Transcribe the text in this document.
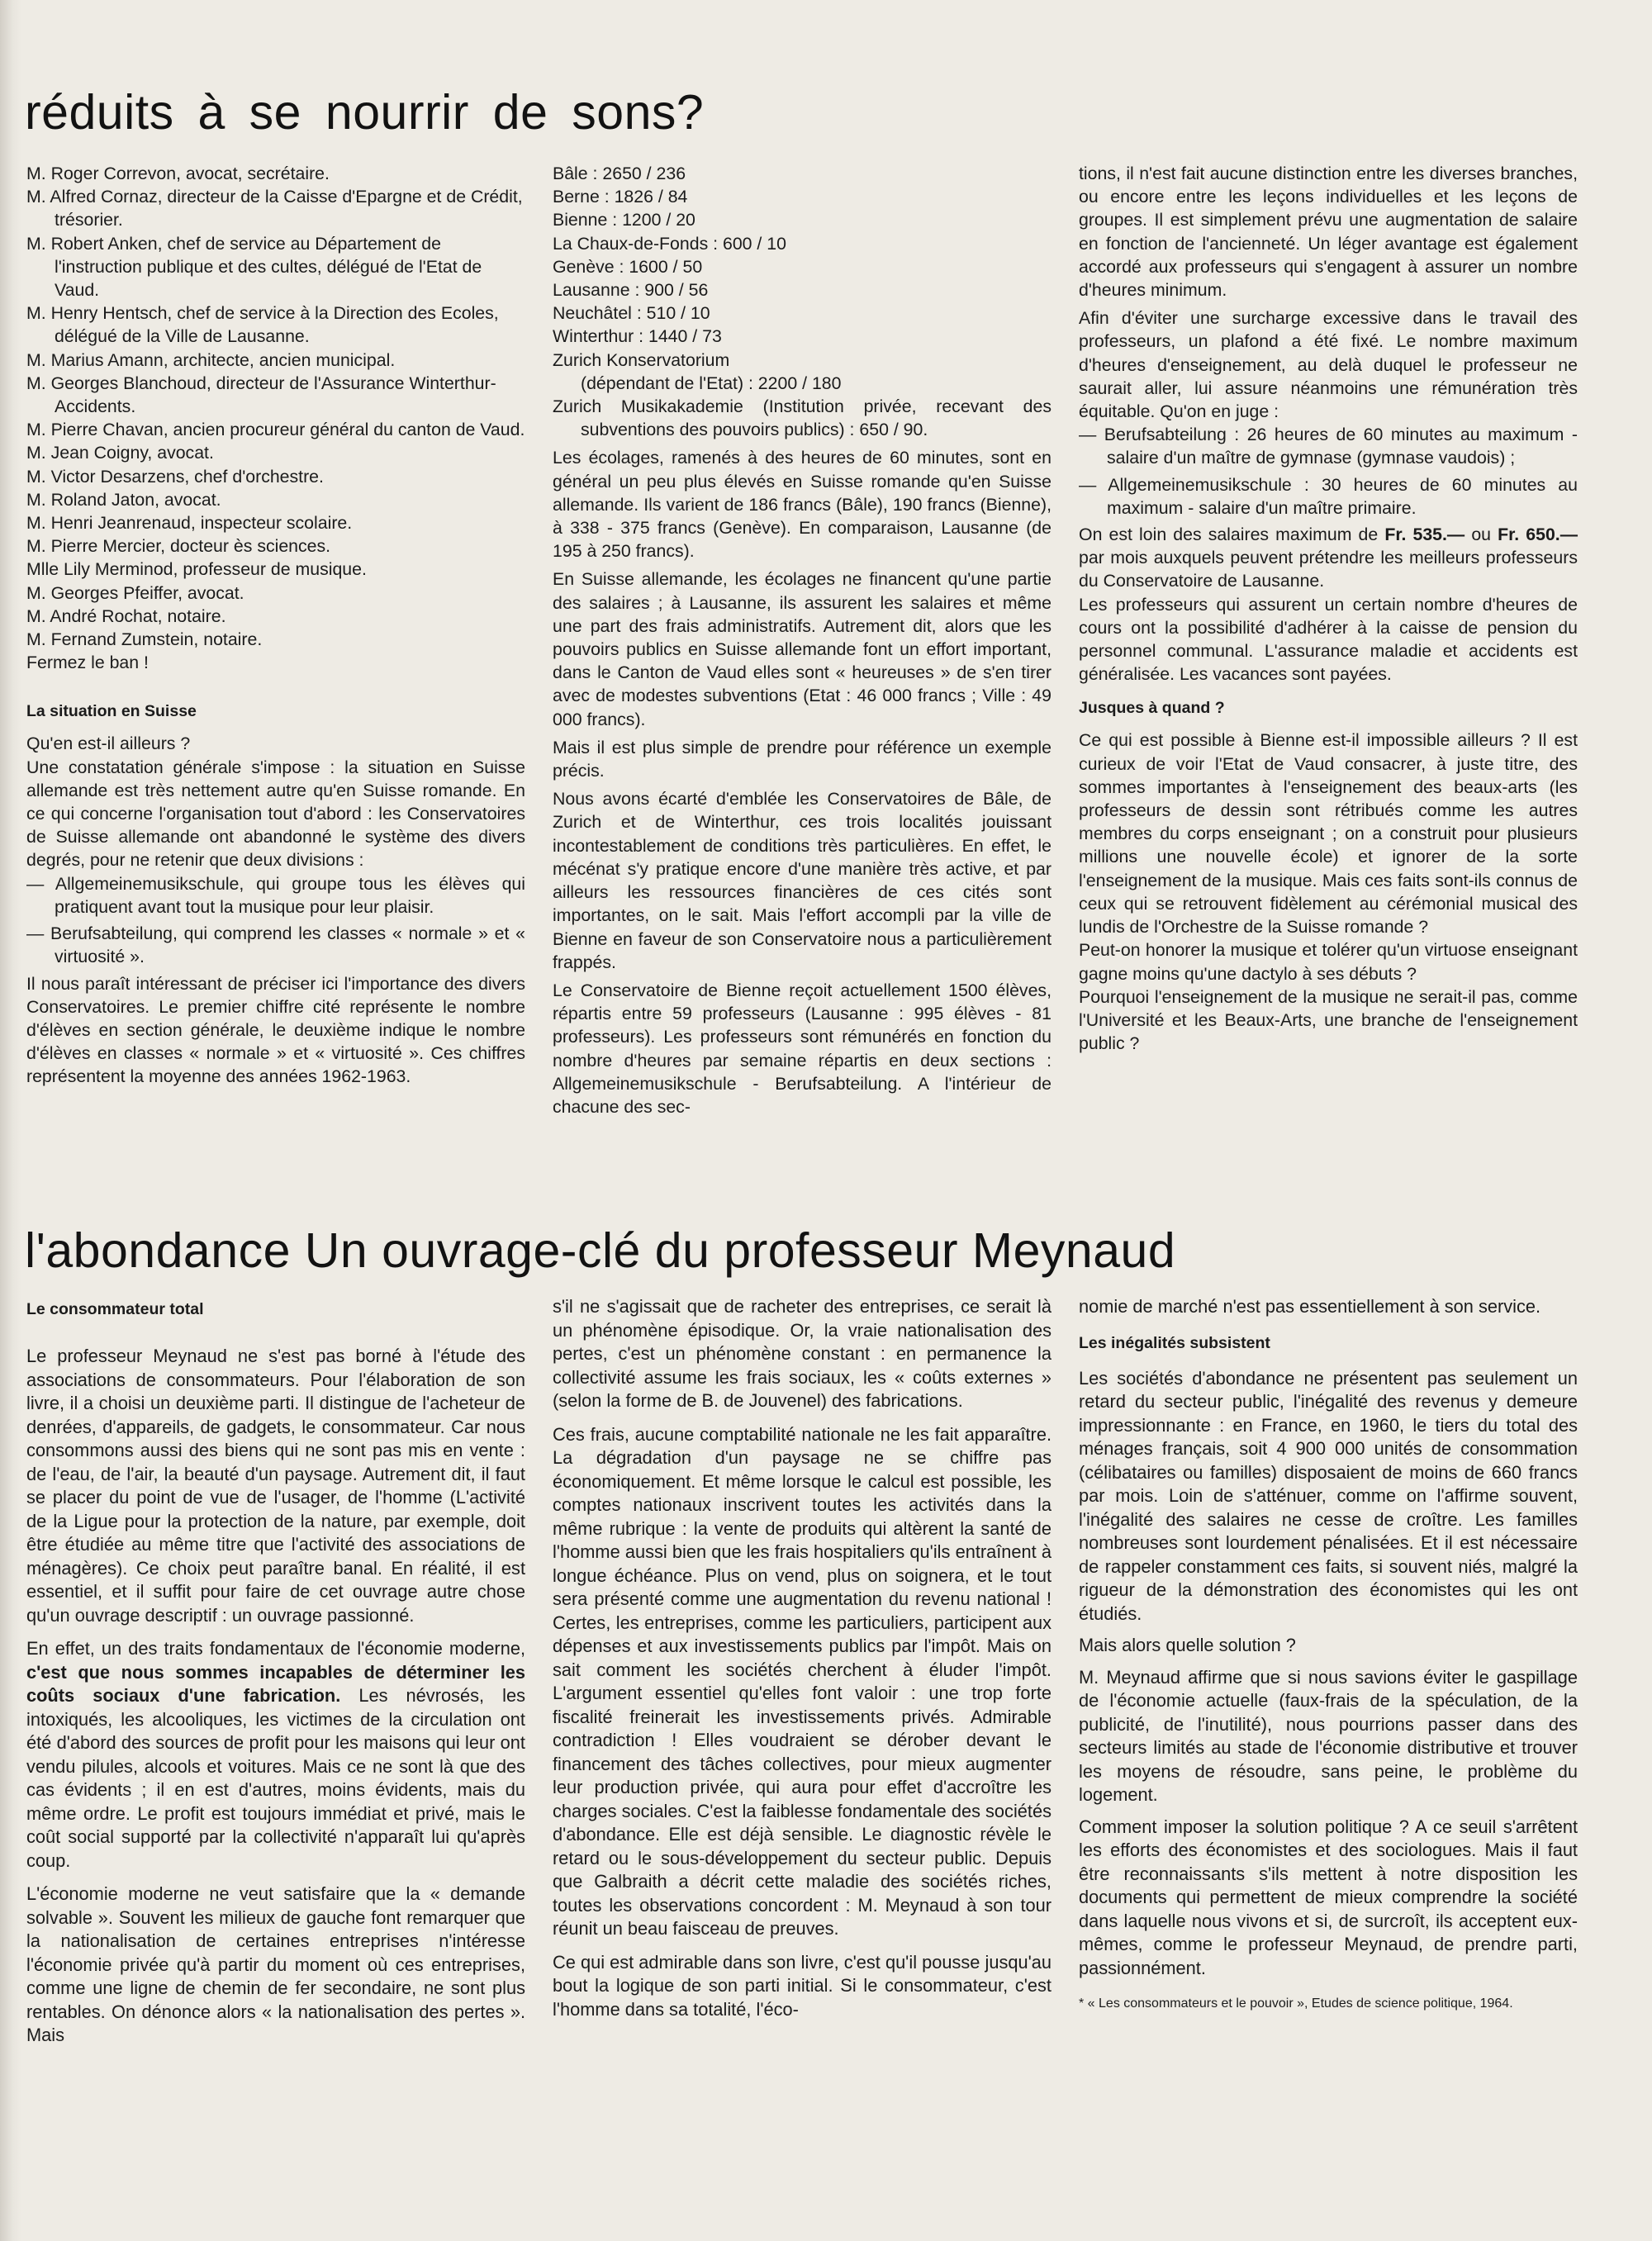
réduits à se nourrir de sons?

M. Roger Correvon, avocat, secrétaire.

M. Alfred Cornaz, directeur de la Caisse d'Epargne et de Crédit, trésorier.

M. Robert Anken, chef de service au Département de l'instruction publique et des cultes, délégué de l'Etat de Vaud.

M. Henry Hentsch, chef de service à la Direction des Ecoles, délégué de la Ville de Lausanne.

M. Marius Amann, architecte, ancien municipal.

M. Georges Blanchoud, directeur de l'Assurance Winterthur-Accidents.

M. Pierre Chavan, ancien procureur général du canton de Vaud.

M. Jean Coigny, avocat.

M. Victor Desarzens, chef d'orchestre.

M. Roland Jaton, avocat.

M. Henri Jeanrenaud, inspecteur scolaire.

M. Pierre Mercier, docteur ès sciences.

Mlle Lily Merminod, professeur de musique.

M. Georges Pfeiffer, avocat.

M. André Rochat, notaire.

M. Fernand Zumstein, notaire.

Fermez le ban !

La situation en Suisse

Qu'en est-il ailleurs ?

Une constatation générale s'impose : la situation en Suisse allemande est très nettement autre qu'en Suisse romande. En ce qui concerne l'organisation tout d'abord : les Conservatoires de Suisse allemande ont abandonné le système des divers degrés, pour ne retenir que deux divisions :

— Allgemeinemusikschule, qui groupe tous les élèves qui pratiquent avant tout la musique pour leur plaisir.

— Berufsabteilung, qui comprend les classes « normale » et « virtuosité ».

Il nous paraît intéressant de préciser ici l'importance des divers Conservatoires. Le premier chiffre cité représente le nombre d'élèves en section générale, le deuxième indique le nombre d'élèves en classes « normale » et « virtuosité ». Ces chiffres représentent la moyenne des années 1962-1963.

Bâle : 2650 / 236

Berne : 1826 / 84

Bienne : 1200 / 20

La Chaux-de-Fonds : 600 / 10

Genève : 1600 / 50

Lausanne : 900 / 56

Neuchâtel : 510 / 10

Winterthur : 1440 / 73

Zurich Konservatorium

(dépendant de l'Etat) : 2200 / 180

Zurich Musikakademie (Institution privée, recevant des subventions des pouvoirs publics) : 650 / 90.

Les écolages, ramenés à des heures de 60 minutes, sont en général un peu plus élevés en Suisse romande qu'en Suisse allemande. Ils varient de 186 francs (Bâle), 190 francs (Bienne), à 338 - 375 francs (Genève). En comparaison, Lausanne (de 195 à 250 francs).

En Suisse allemande, les écolages ne financent qu'une partie des salaires ; à Lausanne, ils assurent les salaires et même une part des frais administratifs. Autrement dit, alors que les pouvoirs publics en Suisse allemande font un effort important, dans le Canton de Vaud elles sont « heureuses » de s'en tirer avec de modestes subventions (Etat : 46 000 francs ; Ville : 49 000 francs).

Mais il est plus simple de prendre pour référence un exemple précis.

Nous avons écarté d'emblée les Conservatoires de Bâle, de Zurich et de Winterthur, ces trois localités jouissant incontestablement de conditions très particulières. En effet, le mécénat s'y pratique encore d'une manière très active, et par ailleurs les ressources financières de ces cités sont importantes, on le sait. Mais l'effort accompli par la ville de Bienne en faveur de son Conservatoire nous a particulièrement frappés.

Le Conservatoire de Bienne reçoit actuellement 1500 élèves, répartis entre 59 professeurs (Lausanne : 995 élèves - 81 professeurs). Les professeurs sont rémunérés en fonction du nombre d'heures par semaine répartis en deux sections : Allgemeinemusikschule - Berufsabteilung. A l'intérieur de chacune des sec-

tions, il n'est fait aucune distinction entre les diverses branches, ou encore entre les leçons individuelles et les leçons de groupes. Il est simplement prévu une augmentation de salaire en fonction de l'ancienneté. Un léger avantage est également accordé aux professeurs qui s'engagent à assurer un nombre d'heures minimum.

Afin d'éviter une surcharge excessive dans le travail des professeurs, un plafond a été fixé. Le nombre maximum d'heures d'enseignement, au delà duquel le professeur ne saurait aller, lui assure néanmoins une rémunération très équitable. Qu'on en juge :

— Berufsabteilung : 26 heures de 60 minutes au maximum - salaire d'un maître de gymnase (gymnase vaudois) ;

— Allgemeinemusikschule : 30 heures de 60 minutes au maximum - salaire d'un maître primaire.

On est loin des salaires maximum de Fr. 535.— ou Fr. 650.— par mois auxquels peuvent prétendre les meilleurs professeurs du Conservatoire de Lausanne.

Les professeurs qui assurent un certain nombre d'heures de cours ont la possibilité d'adhérer à la caisse de pension du personnel communal. L'assurance maladie et accidents est généralisée. Les vacances sont payées.

Jusques à quand ?

Ce qui est possible à Bienne est-il impossible ailleurs ? Il est curieux de voir l'Etat de Vaud consacrer, à juste titre, des sommes importantes à l'enseignement des beaux-arts (les professeurs de dessin sont rétribués comme les autres membres du corps enseignant ; on a construit pour plusieurs millions une nouvelle école) et ignorer de la sorte l'enseignement de la musique. Mais ces faits sont-ils connus de ceux qui se retrouvent fidèlement au cérémonial musical des lundis de l'Orchestre de la Suisse romande ?

Peut-on honorer la musique et tolérer qu'un virtuose enseignant gagne moins qu'une dactylo à ses débuts ?

Pourquoi l'enseignement de la musique ne serait-il pas, comme l'Université et les Beaux-Arts, une branche de l'enseignement public ?

l'abondance Un ouvrage-clé du professeur Meynaud
Le consommateur total

Le professeur Meynaud ne s'est pas borné à l'étude des associations de consommateurs. Pour l'élaboration de son livre, il a choisi un deuxième parti. Il distingue de l'acheteur de denrées, d'appareils, de gadgets, le consommateur. Car nous consommons aussi des biens qui ne sont pas mis en vente : de l'eau, de l'air, la beauté d'un paysage. Autrement dit, il faut se placer du point de vue de l'usager, de l'homme (L'activité de la Ligue pour la protection de la nature, par exemple, doit être étudiée au même titre que l'activité des associations de ménagères). Ce choix peut paraître banal. En réalité, il est essentiel, et il suffit pour faire de cet ouvrage autre chose qu'un ouvrage descriptif : un ouvrage passionné.

En effet, un des traits fondamentaux de l'économie moderne, c'est que nous sommes incapables de déterminer les coûts sociaux d'une fabrication. Les névrosés, les intoxiqués, les alcooliques, les victimes de la circulation ont été d'abord des sources de profit pour les maisons qui leur ont vendu pilules, alcools et voitures. Mais ce ne sont là que des cas évidents ; il en est d'autres, moins évidents, mais du même ordre. Le profit est toujours immédiat et privé, mais le coût social supporté par la collectivité n'apparaît lui qu'après coup.

L'économie moderne ne veut satisfaire que la « demande solvable ». Souvent les milieux de gauche font remarquer que la nationalisation de certaines entreprises n'intéresse l'économie privée qu'à partir du moment où ces entreprises, comme une ligne de chemin de fer secondaire, ne sont plus rentables. On dénonce alors « la nationalisation des pertes ». Mais

s'il ne s'agissait que de racheter des entreprises, ce serait là un phénomène épisodique. Or, la vraie nationalisation des pertes, c'est un phénomène constant : en permanence la collectivité assume les frais sociaux, les « coûts externes » (selon la forme de B. de Jouvenel) des fabrications.

Ces frais, aucune comptabilité nationale ne les fait apparaître. La dégradation d'un paysage ne se chiffre pas économiquement. Et même lorsque le calcul est possible, les comptes nationaux inscrivent toutes les activités dans la même rubrique : la vente de produits qui altèrent la santé de l'homme aussi bien que les frais hospitaliers qu'ils entraînent à longue échéance. Plus on vend, plus on soignera, et le tout sera présenté comme une augmentation du revenu national ! Certes, les entreprises, comme les particuliers, participent aux dépenses et aux investissements publics par l'impôt. Mais on sait comment les sociétés cherchent à éluder l'impôt. L'argument essentiel qu'elles font valoir : une trop forte fiscalité freinerait les investissements privés. Admirable contradiction ! Elles voudraient se dérober devant le financement des tâches collectives, pour mieux augmenter leur production privée, qui aura pour effet d'accroître les charges sociales. C'est la faiblesse fondamentale des sociétés d'abondance. Elle est déjà sensible. Le diagnostic révèle le retard ou le sous-développement du secteur public. Depuis que Galbraith a décrit cette maladie des sociétés riches, toutes les observations concordent : M. Meynaud à son tour réunit un beau faisceau de preuves.

Ce qui est admirable dans son livre, c'est qu'il pousse jusqu'au bout la logique de son parti initial. Si le consommateur, c'est l'homme dans sa totalité, l'éco-

nomie de marché n'est pas essentiellement à son service.

Les inégalités subsistent

Les sociétés d'abondance ne présentent pas seulement un retard du secteur public, l'inégalité des revenus y demeure impressionnante : en France, en 1960, le tiers du total des ménages français, soit 4 900 000 unités de consommation (célibataires ou familles) disposaient de moins de 660 francs par mois. Loin de s'atténuer, comme on l'affirme souvent, l'inégalité des salaires ne cesse de croître. Les familles nombreuses sont lourdement pénalisées. Et il est nécessaire de rappeler constamment ces faits, si souvent niés, malgré la rigueur de la démonstration des économistes qui les ont étudiés.

Mais alors quelle solution ?

M. Meynaud affirme que si nous savions éviter le gaspillage de l'économie actuelle (faux-frais de la spéculation, de la publicité, de l'inutilité), nous pourrions passer dans des secteurs limités au stade de l'économie distributive et trouver les moyens de résoudre, sans peine, le problème du logement.

Comment imposer la solution politique ? A ce seuil s'arrêtent les efforts des économistes et des sociologues. Mais il faut être reconnaissants s'ils mettent à notre disposition les documents qui permettent de mieux comprendre la société dans laquelle nous vivons et si, de surcroît, ils acceptent eux-mêmes, comme le professeur Meynaud, de prendre parti, passionnément.

* « Les consommateurs et le pouvoir », Etudes de science politique, 1964.
